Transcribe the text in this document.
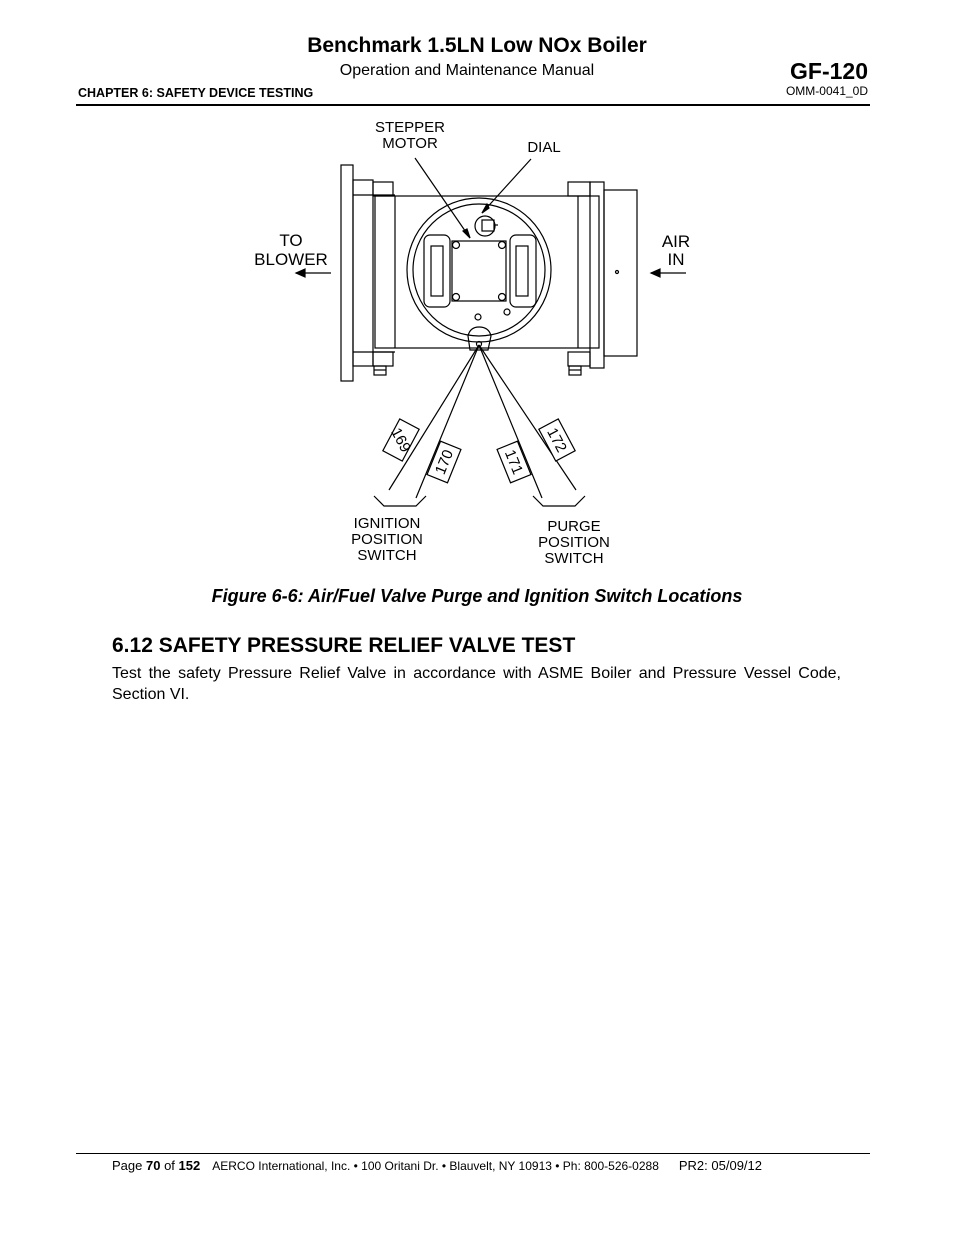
Benchmark 1.5LN Low NOx Boiler
Operation and Maintenance Manual
CHAPTER 6: SAFETY DEVICE TESTING
GF-120
OMM-0041_0D
169
170	171
172
STEPPER
MOTOR	DIAL
TO
BLOWER
AIR
IN
IGNITION
POSITION
SWITCH
PURGE
POSITION
SWITCH
Figure 6-6: Air/Fuel Valve Purge and Ignition Switch Locations
6.12 SAFETY PRESSURE RELIEF VALVE TEST
Test the safety Pressure Relief Valve in accordance with ASME Boiler and Pressure Vessel Code, Section VI.
Page 70 of 152 AERCO International, Inc. • 100 Oritani Dr. • Blauvelt, NY 10913 • Ph: 800-526-0288 PR2: 05/09/12
